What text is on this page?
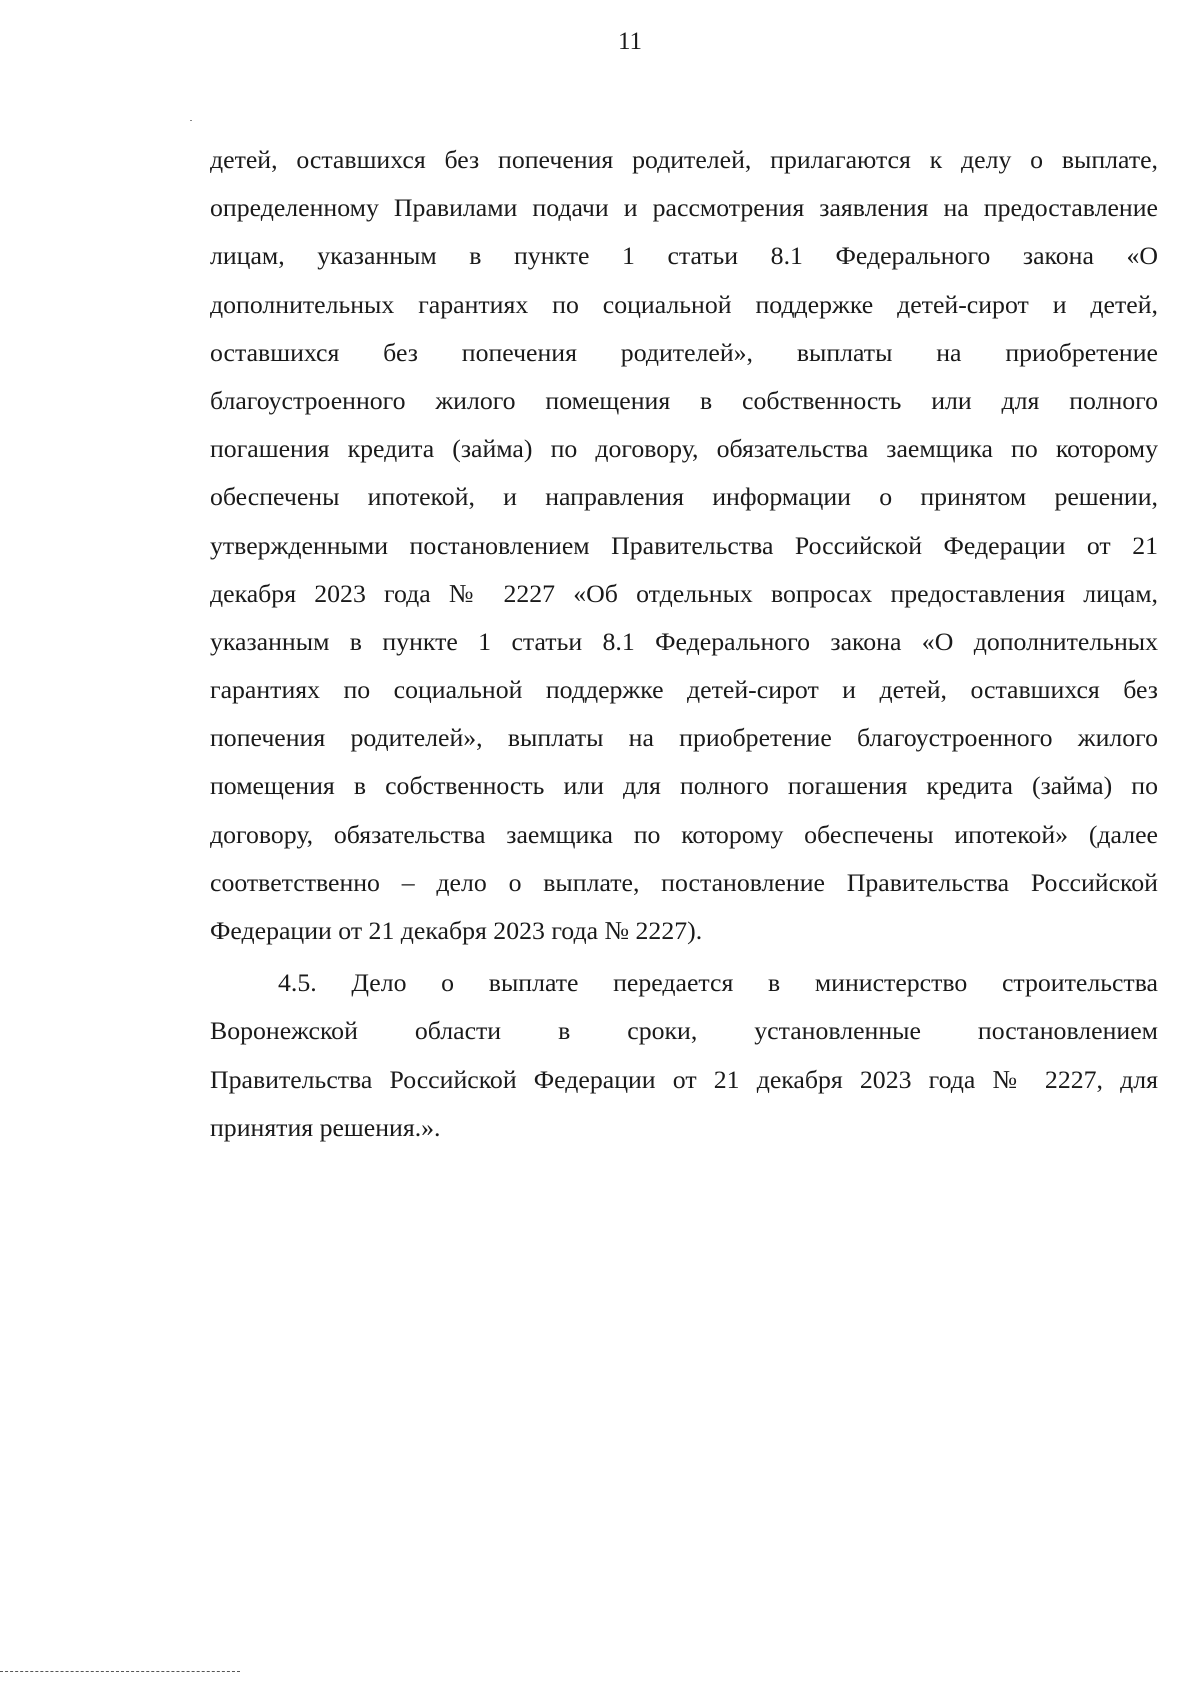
11
детей, оставшихся без попечения родителей, прилагаются к делу о выплате,
определенному Правилами подачи и рассмотрения заявления на предоставление
лицам, указанным в пункте 1 статьи 8.1 Федерального закона «О
дополнительных гарантиях по социальной поддержке детей-сирот и детей,
оставшихся без попечения родителей», выплаты на приобретение
благоустроенного жилого помещения в собственность или для полного
погашения кредита (займа) по договору, обязательства заемщика по которому
обеспечены ипотекой, и направления информации о принятом решении,
утвержденными постановлением Правительства Российской Федерации от 21
декабря 2023 года № 2227 «Об отдельных вопросах предоставления лицам,
указанным в пункте 1 статьи 8.1 Федерального закона «О дополнительных
гарантиях по социальной поддержке детей-сирот и детей, оставшихся без
попечения родителей», выплаты на приобретение благоустроенного жилого
помещения в собственность или для полного погашения кредита (займа) по
договору, обязательства заемщика по которому обеспечены ипотекой» (далее
соответственно – дело о выплате, постановление Правительства Российской
Федерации от 21 декабря 2023 года № 2227).
4.5. Дело о выплате передается в министерство строительства
Воронежской области в сроки, установленные постановлением
Правительства Российской Федерации от 21 декабря 2023 года № 2227, для
принятия решения.».
